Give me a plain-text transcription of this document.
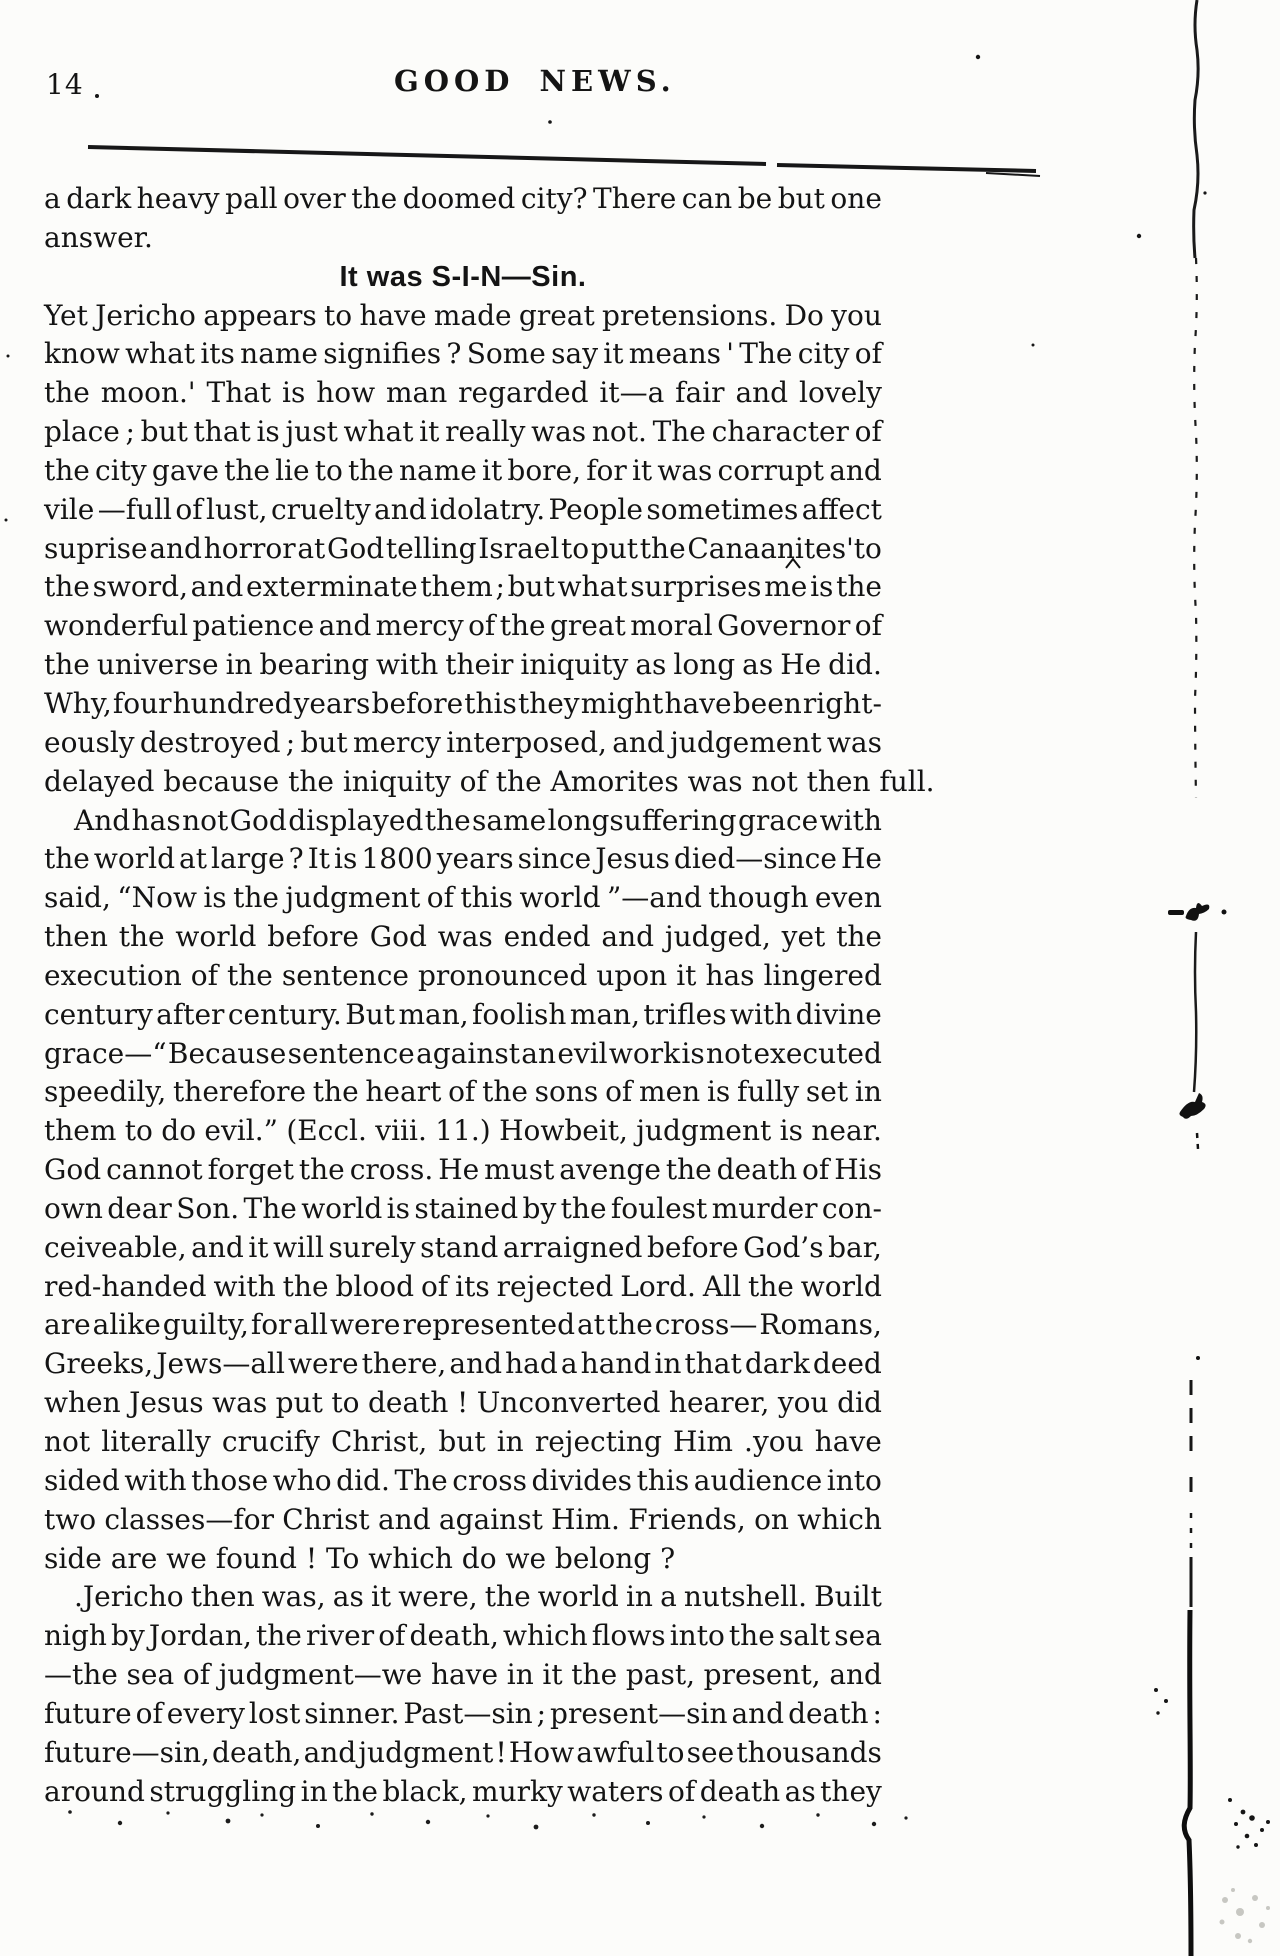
14	GOOD NEWS.
a dark heavy pall over the doomed city? There can be but one
answer.
It was S-I-N—Sin.
Yet Jericho appears to have made great pretensions. Do you
know what its name signifies ? Some say it means ' The city of
the moon.' That is how man regarded it—a fair and lovely
place ; but that is just what it really was not. The character of
the city gave the lie to the name it bore, for it was corrupt and
vile —full of lust, cruelty and idolatry. People sometimes affect
suprise and horror at God telling Israel to put the Canaanites'to
the sword, and exterminate them ; but what surprises me is the
wonderful patience and mercy of the great moral Governor of
the universe in bearing with their iniquity as long as He did.
Why, four hundred years before this they might have been right-
eously destroyed ; but mercy interposed, and judgement was
delayed because the iniquity of the Amorites was not then full.
And has not God displayed the same longsuffering grace with
the world at large ? It is 1800 years since Jesus died—since He
said, “Now is the judgment of this world ”—and though even
then the world before God was ended and judged, yet the
execution of the sentence pronounced upon it has lingered
century after century. But man, foolish man, trifles with divine
grace—“ Because sentence against an evil work is not executed
speedily, therefore the heart of the sons of men is fully set in
them to do evil.” (Eccl. viii. 11.) Howbeit, judgment is near.
God cannot forget the cross. He must avenge the death of His
own dear Son. The world is stained by the foulest murder con-
ceiveable, and it will surely stand arraigned before God’s bar,
red-handed with the blood of its rejected Lord. All the world
are alike guilty, for all were represented at the cross— Romans,
Greeks, Jews—all were there, and had a hand in that dark deed
when Jesus was put to death ! Unconverted hearer, you did
not literally crucify Christ, but in rejecting Him .you have
sided with those who did. The cross divides this audience into
two classes—for Christ and against Him. Friends, on which
side are we found ! To which do we belong ?
.Jericho then was, as it were, the world in a nutshell. Built
nigh by Jordan, the river of death, which flows into the salt sea
—the sea of judgment—we have in it the past, present, and
future of every lost sinner. Past—sin ; present—sin and death :
future—sin, death, and judgment ! How awful to see thousands
around struggling in the black, murky waters of death as they
